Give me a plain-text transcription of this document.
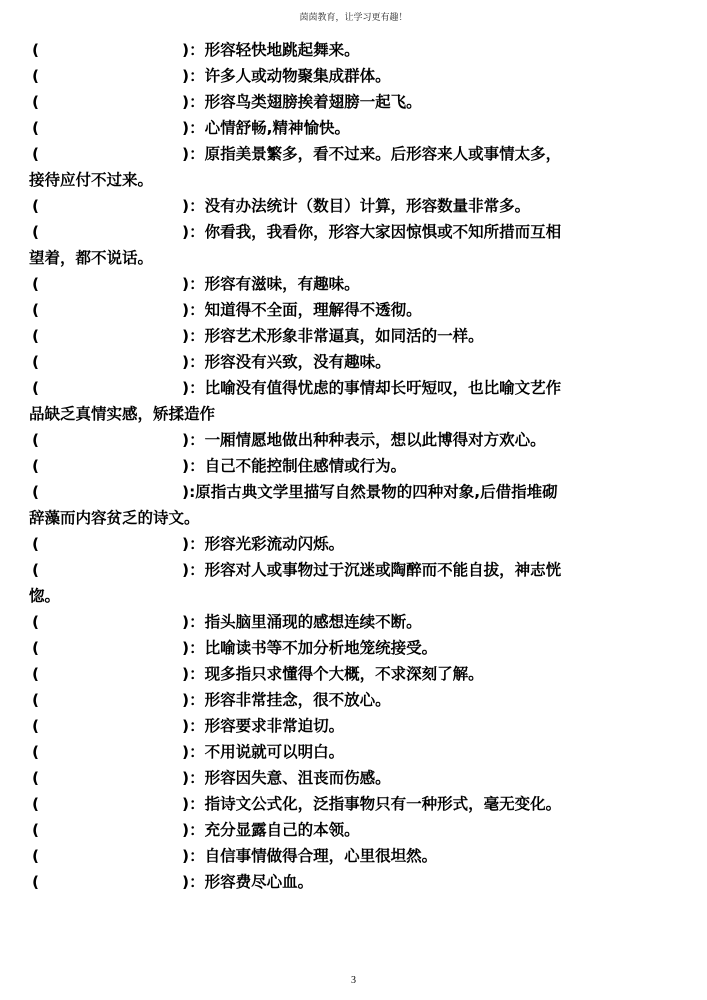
茵茵教育，让学习更有趣！
(	)：形容轻快地跳起舞来。
(	)：许多人或动物聚集成群体。
(	)：形容鸟类翅膀挨着翅膀一起飞。
(	)：心情舒畅,精神愉快。
(	)：原指美景繁多，看不过来。后形容来人或事情太多，
接待应付不过来。
(	)：没有办法统计（数目）计算，形容数量非常多。
(	)：你看我，我看你，形容大家因惊惧或不知所措而互相
望着，都不说话。
(	)：形容有滋味，有趣味。
(	)：知道得不全面，理解得不透彻。
(	)：形容艺术形象非常逼真，如同活的一样。
(	)：形容没有兴致，没有趣味。
(	)：比喻没有值得忧虑的事情却长吁短叹，也比喻文艺作
品缺乏真情实感，矫揉造作
(	)：一厢情愿地做出种种表示，想以此博得对方欢心。
(	)：自己不能控制住感情或行为。
(	):原指古典文学里描写自然景物的四种对象,后借指堆砌
辞藻而内容贫乏的诗文。
(	)：形容光彩流动闪烁。
(	)：形容对人或事物过于沉迷或陶醉而不能自拔，神志恍
惚。
(	)：指头脑里涌现的感想连续不断。
(	)：比喻读书等不加分析地笼统接受。
(	)：现多指只求懂得个大概，不求深刻了解。
(	)：形容非常挂念，很不放心。
(	)：形容要求非常迫切。
(	)：不用说就可以明白。
(	)：形容因失意、沮丧而伤感。
(	)：指诗文公式化，泛指事物只有一种形式，毫无变化。
(	)：充分显露自己的本领。
(	)：自信事情做得合理，心里很坦然。
(	)：形容费尽心血。
3
